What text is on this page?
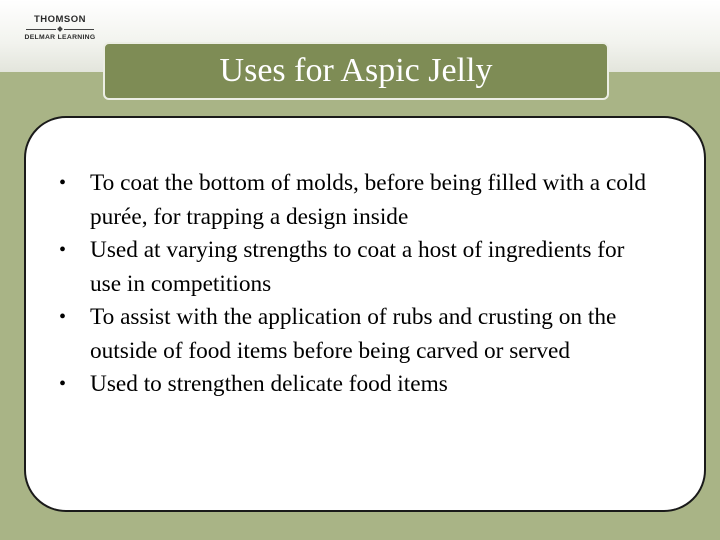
THOMSON
DELMAR LEARNING
Uses for Aspic Jelly
• To coat the bottom of molds, before being filled with a cold purée, for trapping a design inside
• Used at varying strengths to coat a host of ingredients for use in competitions
• To assist with the application of rubs and crusting on the outside of food items before being carved or served
• Used to strengthen delicate food items
